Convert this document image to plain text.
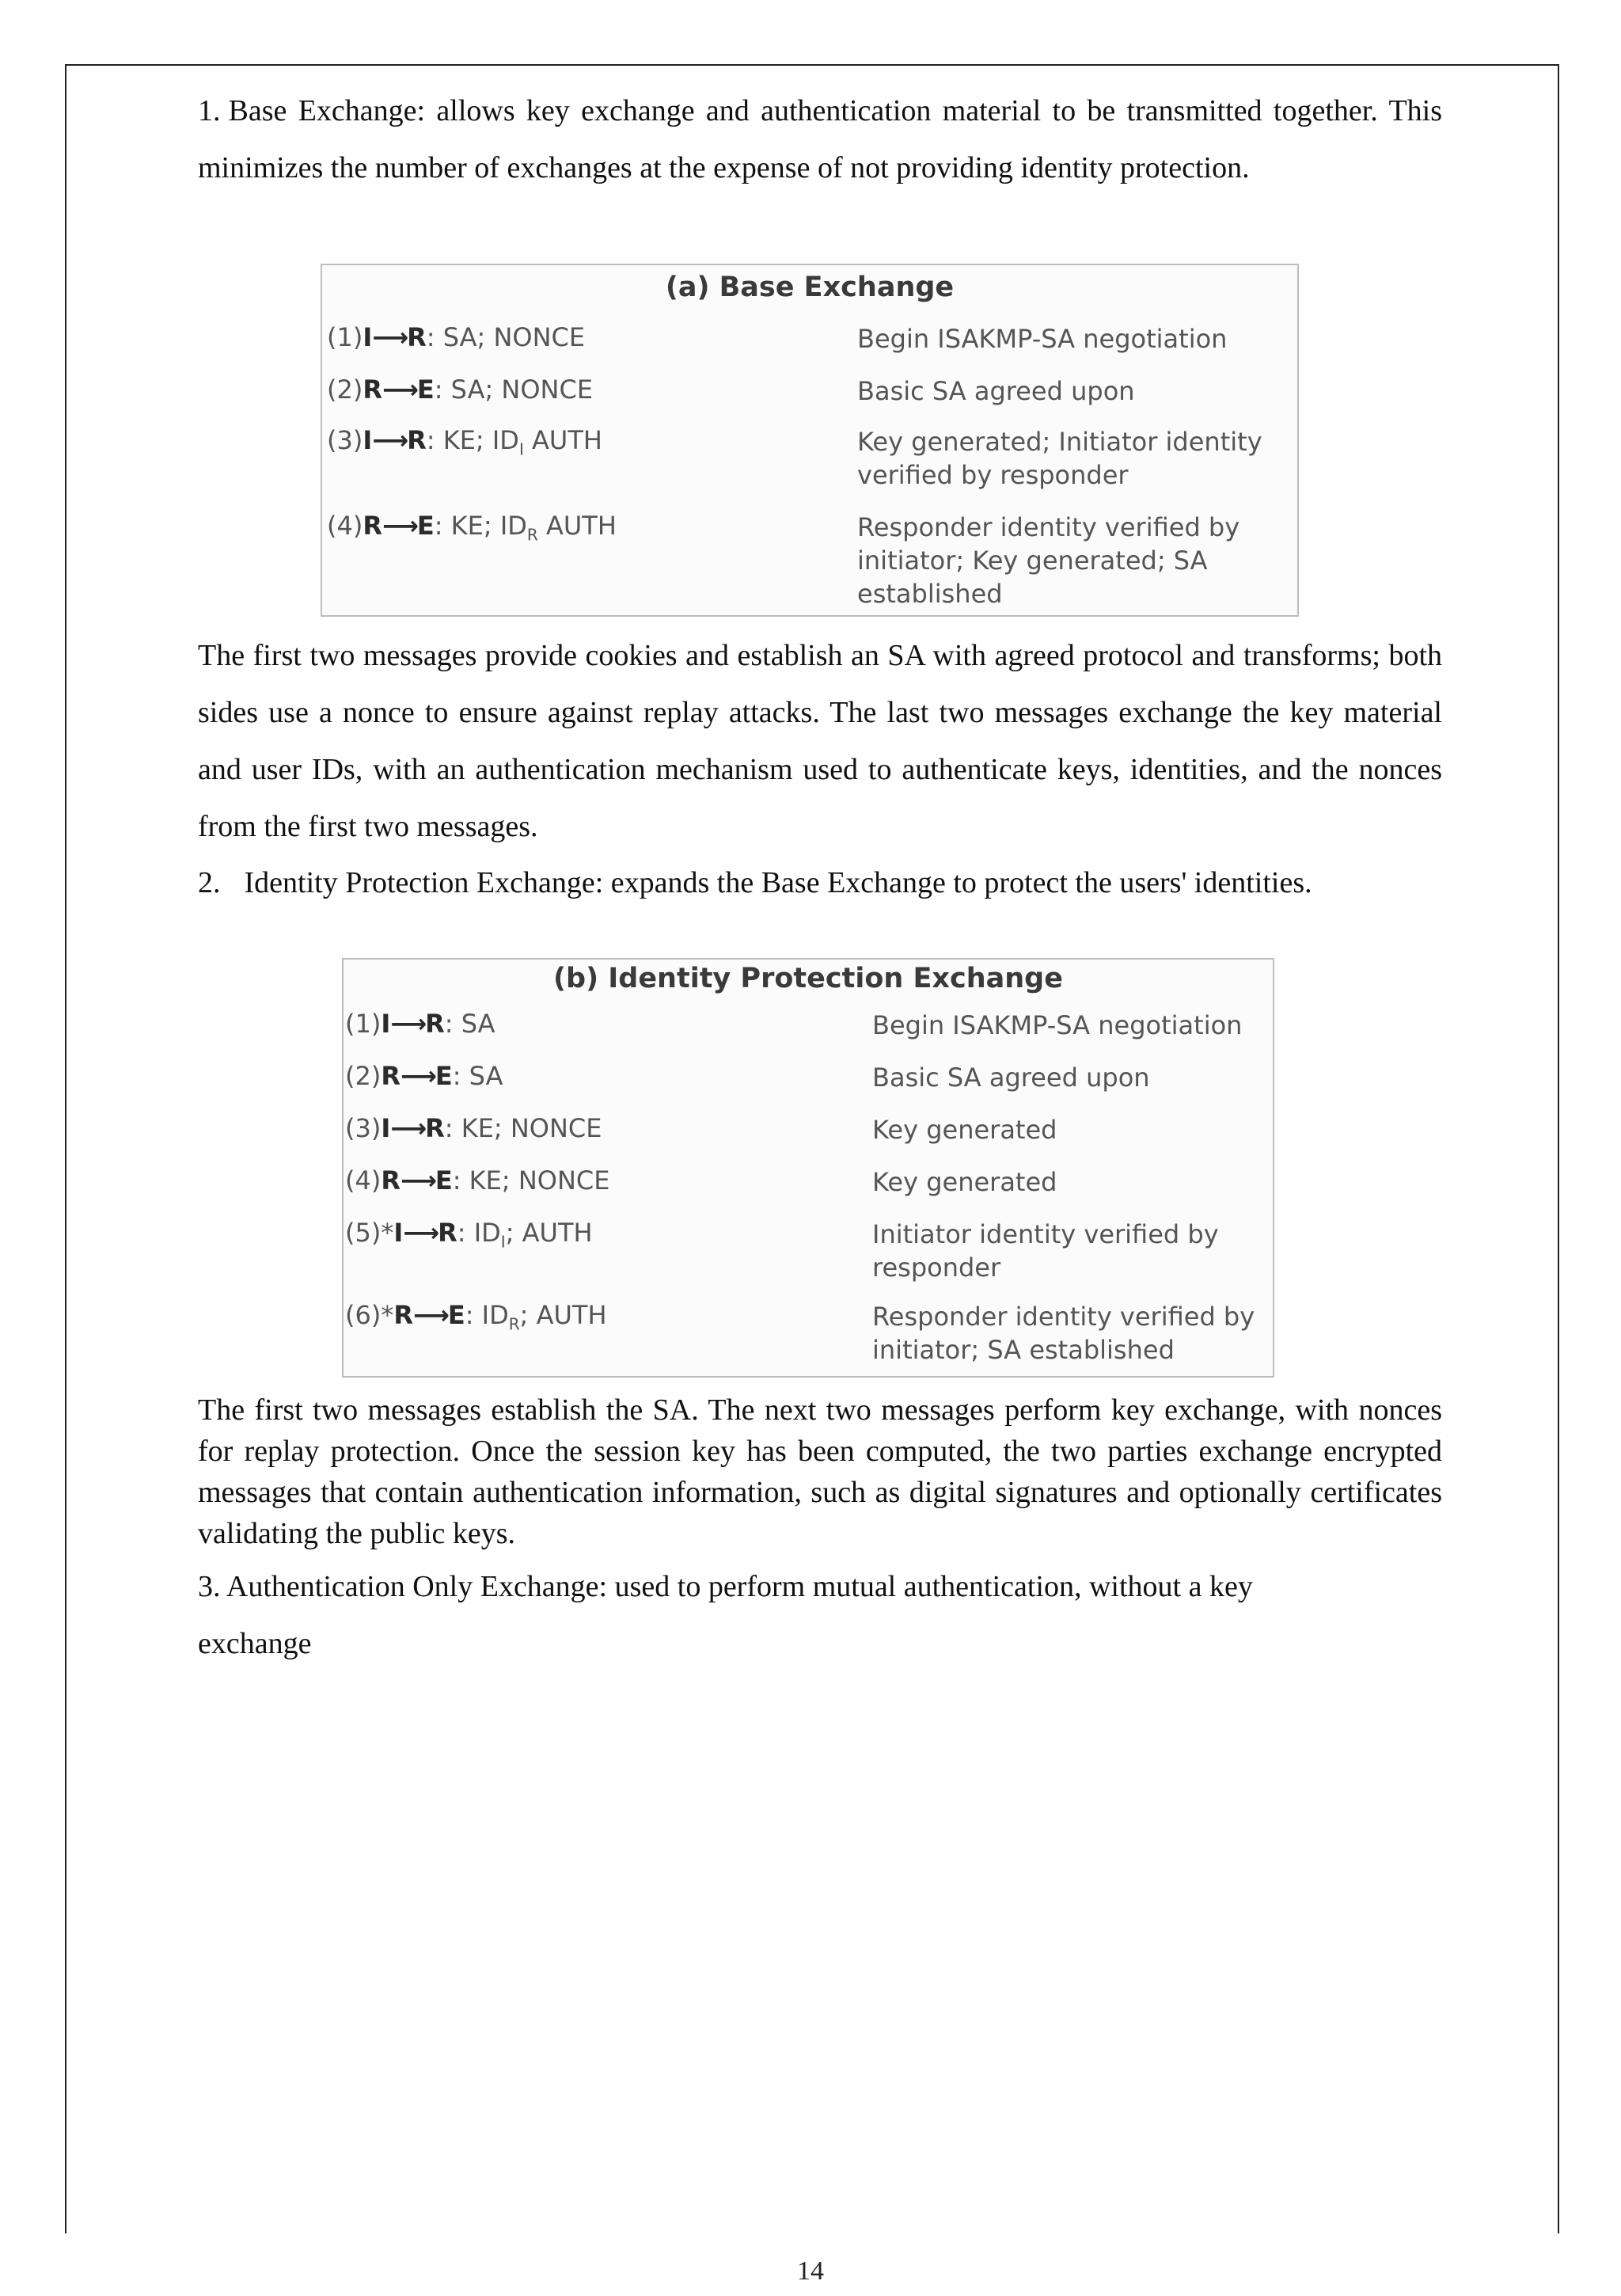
1. Base Exchange: allows key exchange and authentication material to be transmitted together. This minimizes the number of exchanges at the expense of not providing identity protection.

(a) Base Exchange
(1)I⟶R: SA; NONCE	Begin ISAKMP-SA negotiation
(2)R⟶E: SA; NONCE	Basic SA agreed upon
(3)I⟶R: KE; $ID_I$ AUTH	Key generated; Initiator identity verified by responder
(4)R⟶E: KE; $ID_R$ AUTH	Responder identity verified by initiator; Key generated; SA established

The first two messages provide cookies and establish an SA with agreed protocol and transforms; both sides use a nonce to ensure against replay attacks. The last two messages exchange the key material and user IDs, with an authentication mechanism used to authenticate keys, identities, and the nonces from the first two messages.

2. Identity Protection Exchange: expands the Base Exchange to protect the users' identities.

(b) Identity Protection Exchange
(1)I⟶R: SA	Begin ISAKMP-SA negotiation
(2)R⟶E: SA	Basic SA agreed upon
(3)I⟶R: KE; NONCE	Key generated
(4)R⟶E: KE; NONCE	Key generated
(5)*I⟶R: $ID_I$; AUTH	Initiator identity verified by responder
(6)*R⟶E: $ID_R$; AUTH	Responder identity verified by initiator; SA established

The first two messages establish the SA. The next two messages perform key exchange, with nonces for replay protection. Once the session key has been computed, the two parties exchange encrypted messages that contain authentication information, such as digital signatures and optionally certificates validating the public keys.

3. Authentication Only Exchange: used to perform mutual authentication, without a key
exchange
14
